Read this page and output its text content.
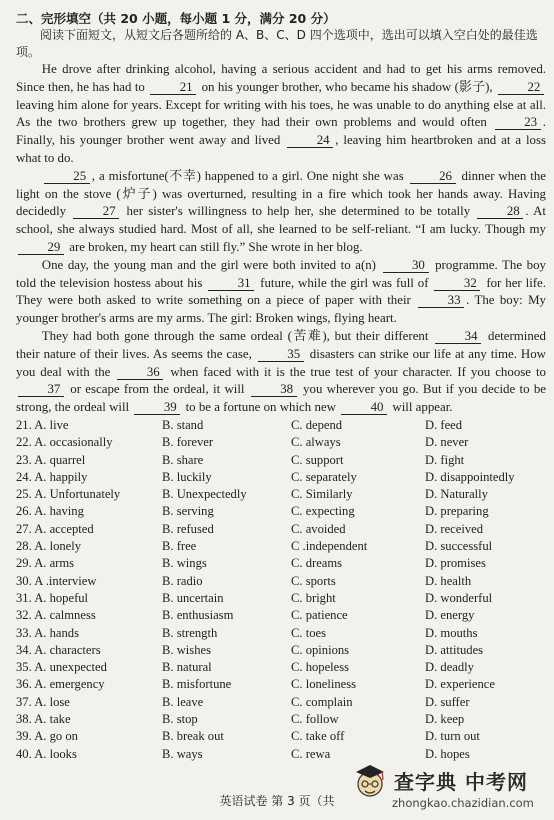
二、完形填空（共 20 小题，每小题 1 分，满分 20 分）

阅读下面短文，从短文后各题所给的 A、B、C、D 四个选项中，选出可以填入空白处的最佳选项。

He drove after drinking alcohol, having a serious accident and had to get his arms removed. Since then, he has had to 21 on his younger brother, who became his shadow (影子), 22 leaving him alone for years. Except for writing with his toes, he was unable to do anything else at all. As the two brothers grew up together, they had their own problems and would often 23 . Finally, his younger brother went away and lived 24 , leaving him heartbroken and at a loss what to do.

25 , a misfortune(不幸) happened to a girl. One night she was 26 dinner when the light on the stove (炉子) was overturned, resulting in a fire which took her hands away. Having decidedly 27 her sister's willingness to help her, she determined to be totally 28 . At school, she always studied hard. Most of all, she learned to be self-reliant. “I am lucky. Though my 29 are broken, my heart can still fly.” She wrote in her blog.

One day, the young man and the girl were both invited to a(n) 30 programme. The boy told the television hostess about his 31 future, while the girl was full of 32 for her life. They were both asked to write something on a piece of paper with their 33 . The boy: My younger brother's arms are my arms. The girl: Broken wings, flying heart.

They had both gone through the same ordeal (苦难), but their different 34 determined their nature of their lives. As seems the case, 35 disasters can strike our life at any time. How you deal with the 36 when faced with it is the true test of your character. If you choose to 37 or escape from the ordeal, it will 38 you wherever you go. But if you decide to be strong, the ordeal will 39 to be a fortune on which new 40 will appear.

21. A. live	B. stand	C. depend	D. feed
22. A. occasionally	B. forever	C. always	D. never
23. A. quarrel	B. share	C. support	D. fight
24. A. happily	B. luckily	C. separately	D. disappointedly
25. A. Unfortunately	B. Unexpectedly	C. Similarly	D. Naturally
26. A. having	B. serving	C. expecting	D. preparing
27. A. accepted	B. refused	C. avoided	D. received
28. A. lonely	B. free	C .independent	D. successful
29. A. arms	B. wings	C. dreams	D. promises
30. A .interview	B. radio	C. sports	D. health
31. A. hopeful	B. uncertain	C. bright	D. wonderful
32. A. calmness	B. enthusiasm	C. patience	D. energy
33. A. hands	B. strength	C. toes	D. mouths
34. A. characters	B. wishes	C. opinions	D. attitudes
35. A. unexpected	B. natural	C. hopeless	D. deadly
36. A. emergency	B. misfortune	C. loneliness	D. experience
37. A. lose	B. leave	C. complain	D. suffer
38. A. take	B. stop	C. follow	D. keep
39. A. go on	B. break out	C. take off	D. turn out
40. A. looks	B. ways	C. rewa	D. hopes
英语试卷 第 3 页（共
查字典 中考网
zhongkao.chazidian.com
